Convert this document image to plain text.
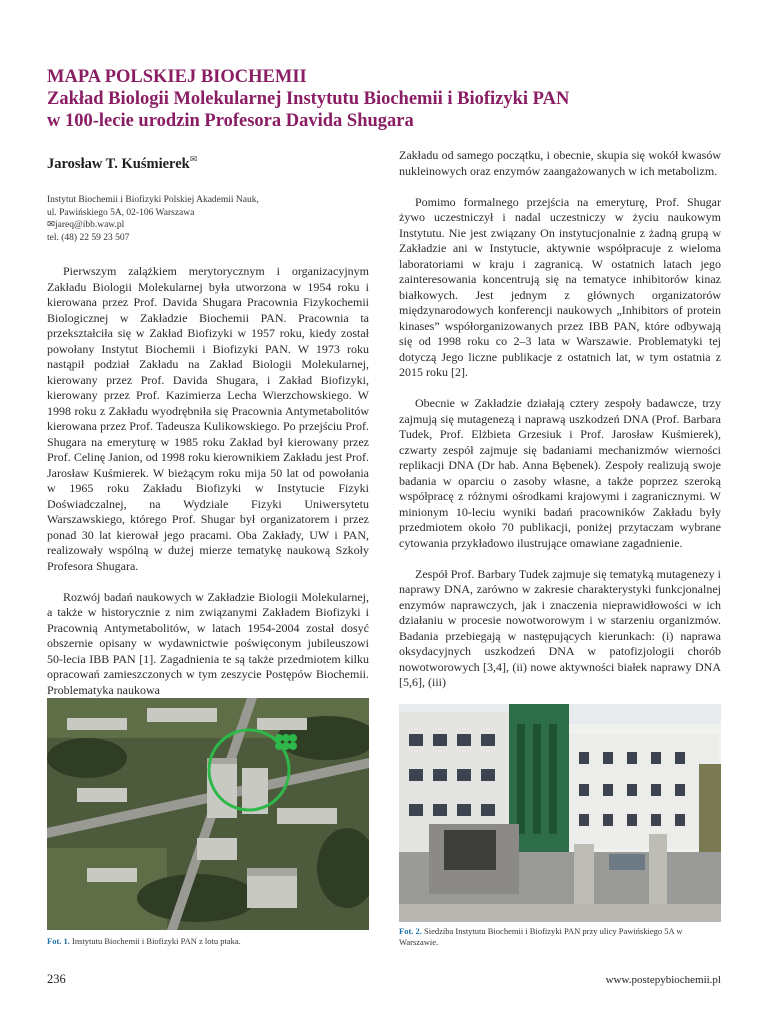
MAPA POLSKIEJ BIOCHEMII
Zakład Biologii Molekularnej Instytutu Biochemii i Biofizyki PAN
w 100-lecie urodzin Profesora Davida Shugara
Jarosław T. Kuśmierek✉
Instytut Biochemii i Biofizyki Polskiej Akademii Nauk,
ul. Pawińskiego 5A, 02-106 Warszawa
✉jareq@ibb.waw.pl
tel. (48) 22 59 23 507

Pierwszym zalążkiem merytorycznym i organizacyjnym Zakładu Biologii Molekularnej była utworzona w 1954 roku i kierowana przez Prof. Davida Shugara Pracownia Fizykochemii Biologicznej w Zakładzie Biochemii PAN. Pracownia ta przekształciła się w Zakład Biofizyki w 1957 roku, kiedy został powołany Instytut Biochemii i Biofizyki PAN. W 1973 roku nastąpił podział Zakładu na Zakład Biologii Molekularnej, kierowany przez Prof. Davida Shugara, i Zakład Biofizyki, kierowany przez Prof. Kazimierza Lecha Wierzchowskiego. W 1998 roku z Zakładu wyodrębniła się Pracownia Antymetabolitów kierowana przez Prof. Tadeusza Kulikowskiego. Po przejściu Prof. Shugara na emeryturę w 1985 roku Zakład był kierowany przez Prof. Celinę Janion, od 1998 roku kierownikiem Zakładu jest Prof. Jarosław Kuśmierek. W bieżącym roku mija 50 lat od powołania w 1965 roku Zakładu Biofizyki w Instytucie Fizyki Doświadczalnej, na Wydziale Fizyki Uniwersytetu Warszawskiego, którego Prof. Shugar był organizatorem i przez ponad 30 lat kierował jego pracami. Oba Zakłady, UW i PAN, realizowały wspólną w dużej mierze tematykę naukową Szkoły Profesora Shugara.

Rozwój badań naukowych w Zakładzie Biologii Molekularnej, a także w historycznie z nim związanymi Zakładem Biofizyki i Pracownią Antymetabolitów, w latach 1954-2004 został dosyć obszernie opisany w wydawnictwie poświęconym jubileuszowi 50-lecia IBB PAN [1]. Zagadnienia te są także przedmiotem kilku opracowań zamieszczonych w tym zeszycie Postępów Biochemii. Problematyka naukowa

Zakładu od samego początku, i obecnie, skupia się wokół kwasów nukleinowych oraz enzymów zaangażowanych w ich metabolizm.

Pomimo formalnego przejścia na emeryturę, Prof. Shugar żywo uczestniczył i nadal uczestniczy w życiu naukowym Instytutu. Nie jest związany On instytucjonalnie z żadną grupą w Zakładzie ani w Instytucie, aktywnie współpracuje z wieloma laboratoriami w kraju i zagranicą. W ostatnich latach jego zainteresowania koncentrują się na tematyce inhibitorów kinaz białkowych. Jest jednym z głównych organizatorów międzynarodowych konferencji naukowych „Inhibitors of protein kinases” współorganizowanych przez IBB PAN, które odbywają się od 1998 roku co 2–3 lata w Warszawie. Problematyki tej dotyczą Jego liczne publikacje z ostatnich lat, w tym ostatnia z 2015 roku [2].

Obecnie w Zakładzie działają cztery zespoły badawcze, trzy zajmują się mutagenezą i naprawą uszkodzeń DNA (Prof. Barbara Tudek, Prof. Elżbieta Grzesiuk i Prof. Jarosław Kuśmierek), czwarty zespół zajmuje się badaniami mechanizmów wierności replikacji DNA (Dr hab. Anna Bębenek). Zespoły realizują swoje badania w oparciu o zasoby własne, a także poprzez szeroką współpracę z różnymi ośrodkami krajowymi i zagranicznymi. W minionym 10-leciu wyniki badań pracowników Zakładu były przedmiotem około 70 publikacji, poniżej przytaczam wybrane cytowania przykładowo ilustrujące omawiane zagadnienie.

Zespół Prof. Barbary Tudek zajmuje się tematyką mutagenezy i naprawy DNA, zarówno w zakresie charakterystyki funkcjonalnej enzymów naprawczych, jak i znaczenia nieprawidłowości w ich działaniu w procesie nowotworowym i w starzeniu organizmów. Badania przebiegają w następujących kierunkach: (i) naprawa oksydacyjnych uszkodzeń DNA w patofizjologii chorób nowotworowych [3,4], (ii) nowe aktywności białek naprawy DNA [5,6], (iii)

Fot. 1. Instytutu Biochemii i Biofizyki PAN z lotu ptaka.
Fot. 2. Siedziba Instytutu Biochemii i Biofizyki PAN przy ulicy Pawińskiego 5A w Warszawie.
236	www.postepybiochemii.pl
